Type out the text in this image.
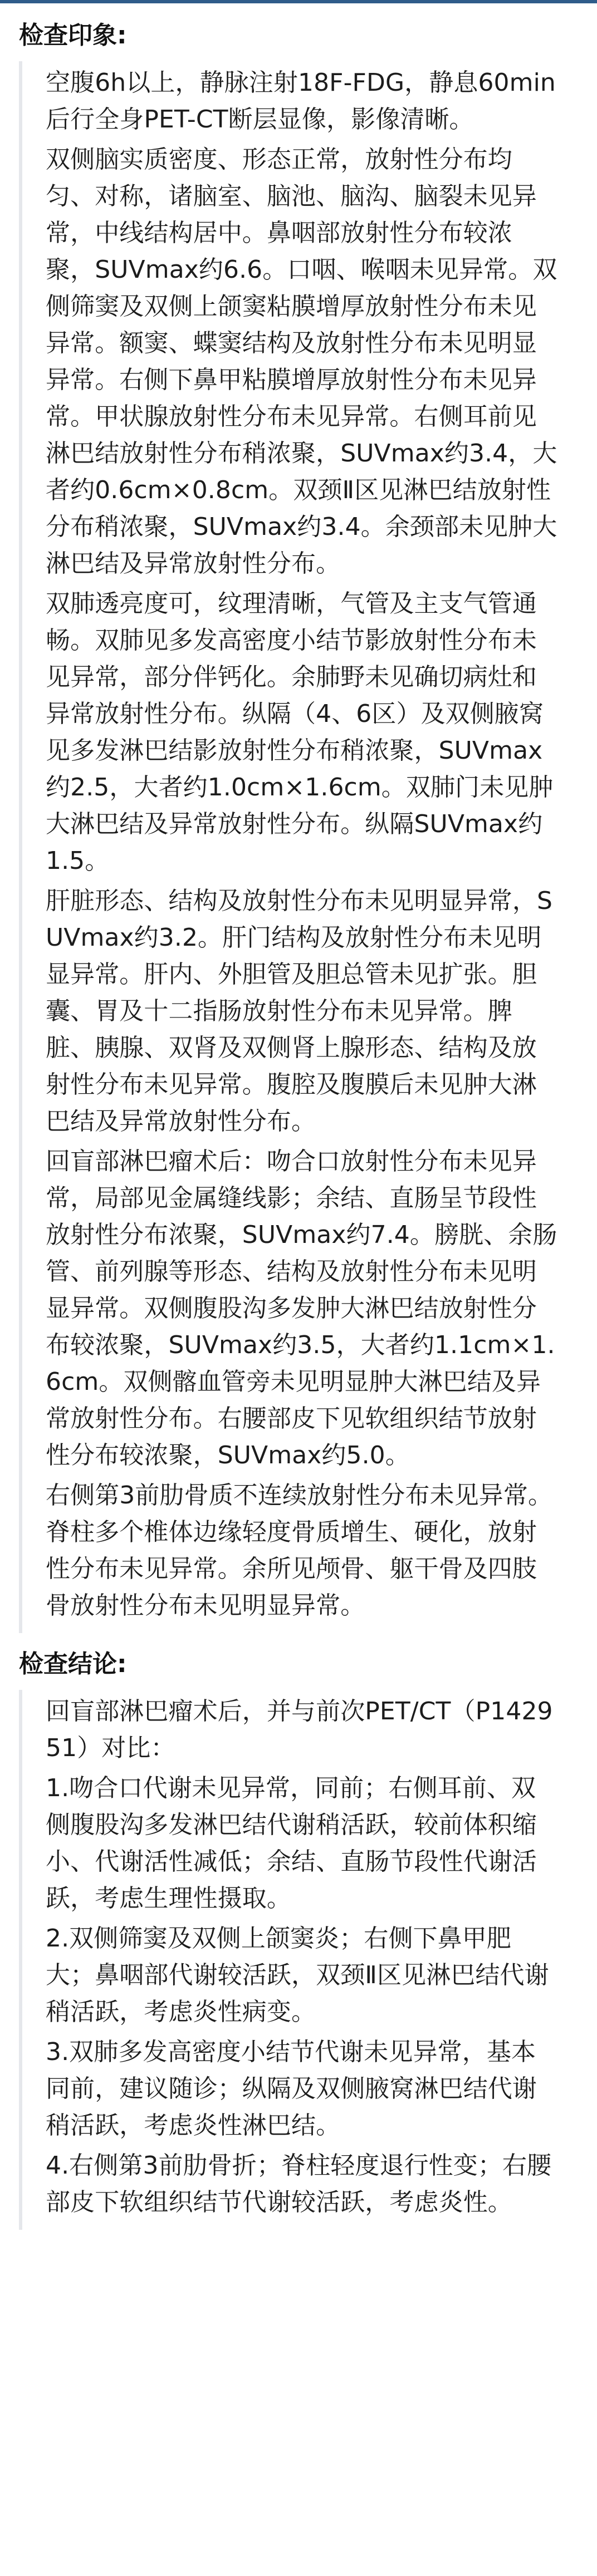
检查印象:

空腹6h以上，静脉注射18F-FDG，静息60min后行全身PET-CT断层显像，影像清晰。

双侧脑实质密度、形态正常，放射性分布均匀、对称，诸脑室、脑池、脑沟、脑裂未见异常，中线结构居中。鼻咽部放射性分布较浓聚，SUVmax约6.6。口咽、喉咽未见异常。双侧筛窦及双侧上颌窦粘膜增厚放射性分布未见异常。额窦、蝶窦结构及放射性分布未见明显异常。右侧下鼻甲粘膜增厚放射性分布未见异常。甲状腺放射性分布未见异常。右侧耳前见淋巴结放射性分布稍浓聚，SUVmax约3.4，大者约0.6cm×0.8cm。双颈Ⅱ区见淋巴结放射性分布稍浓聚，SUVmax约3.4。余颈部未见肿大淋巴结及异常放射性分布。

双肺透亮度可，纹理清晰，气管及主支气管通畅。双肺见多发高密度小结节影放射性分布未见异常，部分伴钙化。余肺野未见确切病灶和异常放射性分布。纵隔（4、6区）及双侧腋窝见多发淋巴结影放射性分布稍浓聚，SUVmax约2.5，大者约1.0cm×1.6cm。双肺门未见肿大淋巴结及异常放射性分布。纵隔SUVmax约1.5。

肝脏形态、结构及放射性分布未见明显异常，SUVmax约3.2。肝门结构及放射性分布未见明显异常。肝内、外胆管及胆总管未见扩张。胆囊、胃及十二指肠放射性分布未见异常。脾脏、胰腺、双肾及双侧肾上腺形态、结构及放射性分布未见异常。腹腔及腹膜后未见肿大淋巴结及异常放射性分布。

回盲部淋巴瘤术后：吻合口放射性分布未见异常，局部见金属缝线影；余结、直肠呈节段性放射性分布浓聚，SUVmax约7.4。膀胱、余肠管、前列腺等形态、结构及放射性分布未见明显异常。双侧腹股沟多发肿大淋巴结放射性分布较浓聚，SUVmax约3.5，大者约1.1cm×1.6cm。双侧髂血管旁未见明显肿大淋巴结及异常放射性分布。右腰部皮下见软组织结节放射性分布较浓聚，SUVmax约5.0。

右侧第3前肋骨质不连续放射性分布未见异常。脊柱多个椎体边缘轻度骨质增生、硬化，放射性分布未见异常。余所见颅骨、躯干骨及四肢骨放射性分布未见明显异常。

检查结论:

回盲部淋巴瘤术后，并与前次PET/CT（P142951）对比：

1.吻合口代谢未见异常，同前；右侧耳前、双侧腹股沟多发淋巴结代谢稍活跃，较前体积缩小、代谢活性减低；余结、直肠节段性代谢活跃，考虑生理性摄取。

2.双侧筛窦及双侧上颌窦炎；右侧下鼻甲肥大；鼻咽部代谢较活跃，双颈Ⅱ区见淋巴结代谢稍活跃，考虑炎性病变。

3.双肺多发高密度小结节代谢未见异常，基本同前，建议随诊；纵隔及双侧腋窝淋巴结代谢稍活跃，考虑炎性淋巴结。

4.右侧第3前肋骨折；脊柱轻度退行性变；右腰部皮下软组织结节代谢较活跃，考虑炎性。
